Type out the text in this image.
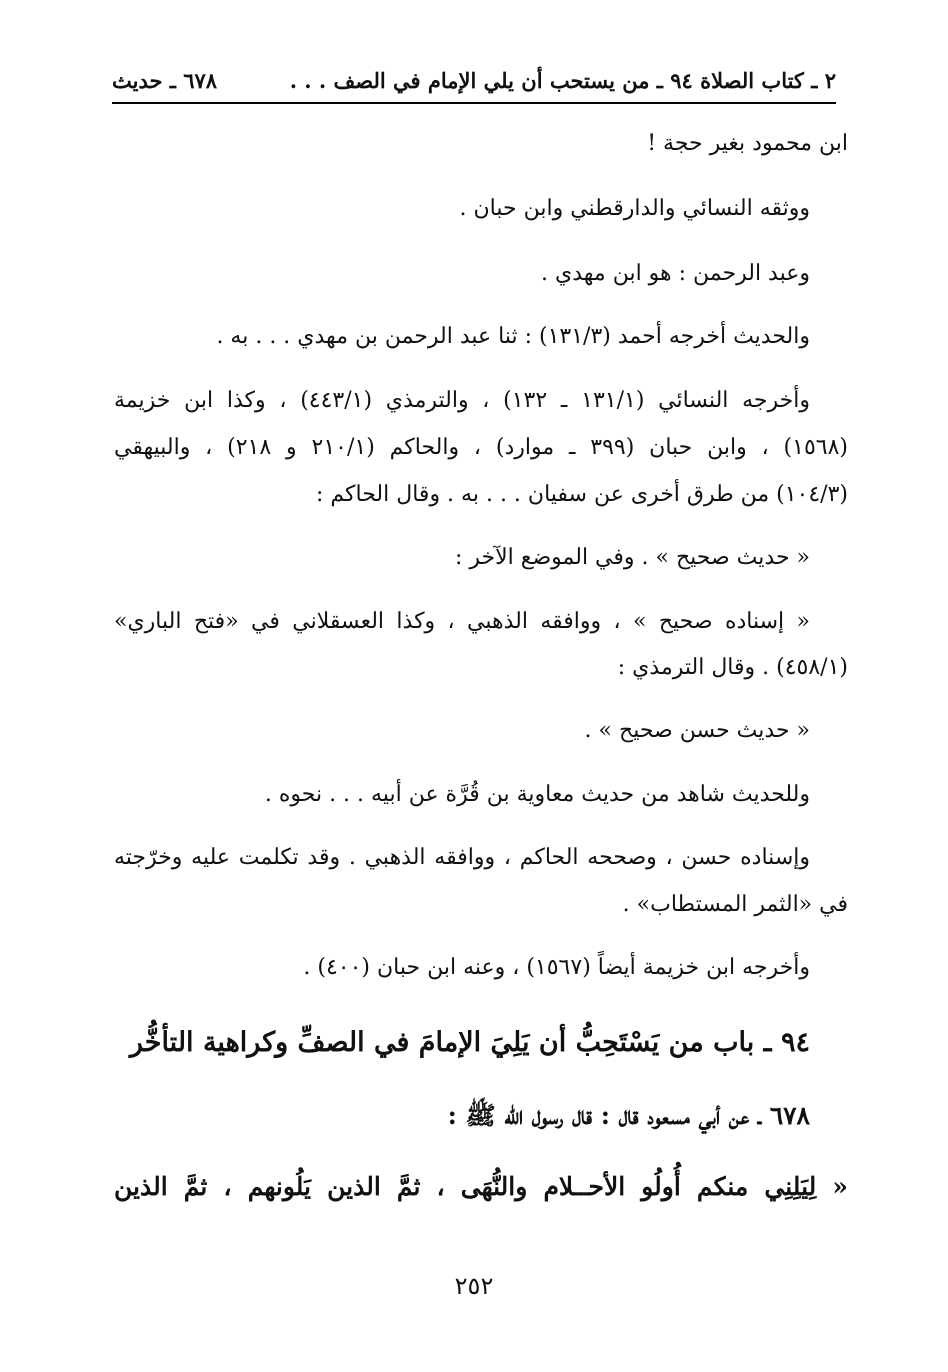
٢ ـ كتاب الصلاة ٩٤ ـ من يستحب أن يلي الإمام في الصف . . .
٦٧٨ ـ حديث
ابن محمود بغير حجة !
ووثقه النسائي والدارقطني وابن حبان .
وعبد الرحمن : هو ابن مهدي .
والحديث أخرجه أحمد (١٣١/٣) : ثنا عبد الرحمن بن مهدي . . . به .
وأخرجه النسائي (١٣١/١ ـ ١٣٢) ، والترمذي (٤٤٣/١) ، وكذا ابن خزيمة
(١٥٦٨) ، وابن حبان (٣٩٩ ـ موارد) ، والحاكم (٢١٠/١ و ٢١٨) ، والبيهقي
(١٠٤/٣) من طرق أخرى عن سفيان . . . به . وقال الحاكم :
« حديث صحيح » . وفي الموضع الآخر :
« إسناده صحيح » ، ووافقه الذهبي ، وكذا العسقلاني في «فتح الباري»
(٤٥٨/١) . وقال الترمذي :
« حديث حسن صحيح » .
وللحديث شاهد من حديث معاوية بن قُرَّة عن أبيه . . . نحوه .
وإسناده حسن ، وصححه الحاكم ، ووافقه الذهبي . وقد تكلمت عليه وخرّجته
في «الثمر المستطاب» .
وأخرجه ابن خزيمة أيضاً (١٥٦٧) ، وعنه ابن حبان (٤٠٠) .
٩٤ ـ باب من يَسْتَحِبُّ أن يَلِيَ الإمامَ في الصفِّ وكراهية التأخُّر
٦٧٨ ـ عن أبي مسعود قال : قال رسول الله ﷺ :
« لِيَلِنِي منكم أُولُو الأحــلام والنُّهَى ، ثمَّ الذين يَلُونهم ، ثمَّ الذين
٢٥٢
